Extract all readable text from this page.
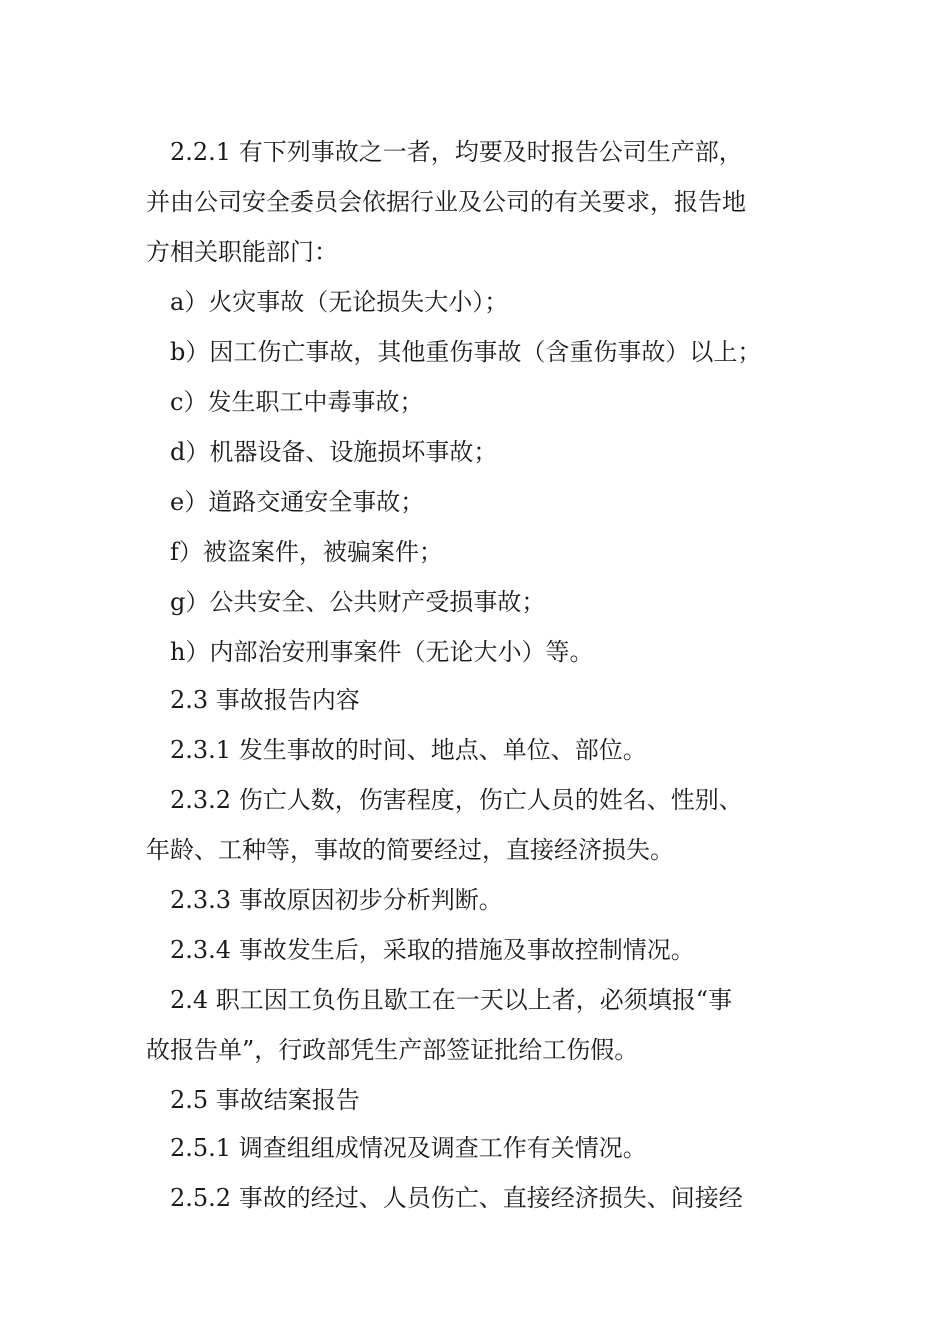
2.2.1 有下列事故之一者，均要及时报告公司生产部，
并由公司安全委员会依据行业及公司的有关要求，报告地
方相关职能部门：
a）火灾事故（无论损失大小）；
b）因工伤亡事故，其他重伤事故（含重伤事故）以上；
c）发生职工中毒事故；
d）机器设备、设施损坏事故；
e）道路交通安全事故；
f）被盗案件，被骗案件；
g）公共安全、公共财产受损事故；
h）内部治安刑事案件（无论大小）等。
2.3 事故报告内容
2.3.1 发生事故的时间、地点、单位、部位。
2.3.2 伤亡人数，伤害程度，伤亡人员的姓名、性别、
年龄、工种等，事故的简要经过，直接经济损失。
2.3.3 事故原因初步分析判断。
2.3.4 事故发生后，采取的措施及事故控制情况。
2.4 职工因工负伤且歇工在一天以上者，必须填报“事
故报告单”，行政部凭生产部签证批给工伤假。
2.5 事故结案报告
2.5.1 调查组组成情况及调查工作有关情况。
2.5.2 事故的经过、人员伤亡、直接经济损失、间接经
